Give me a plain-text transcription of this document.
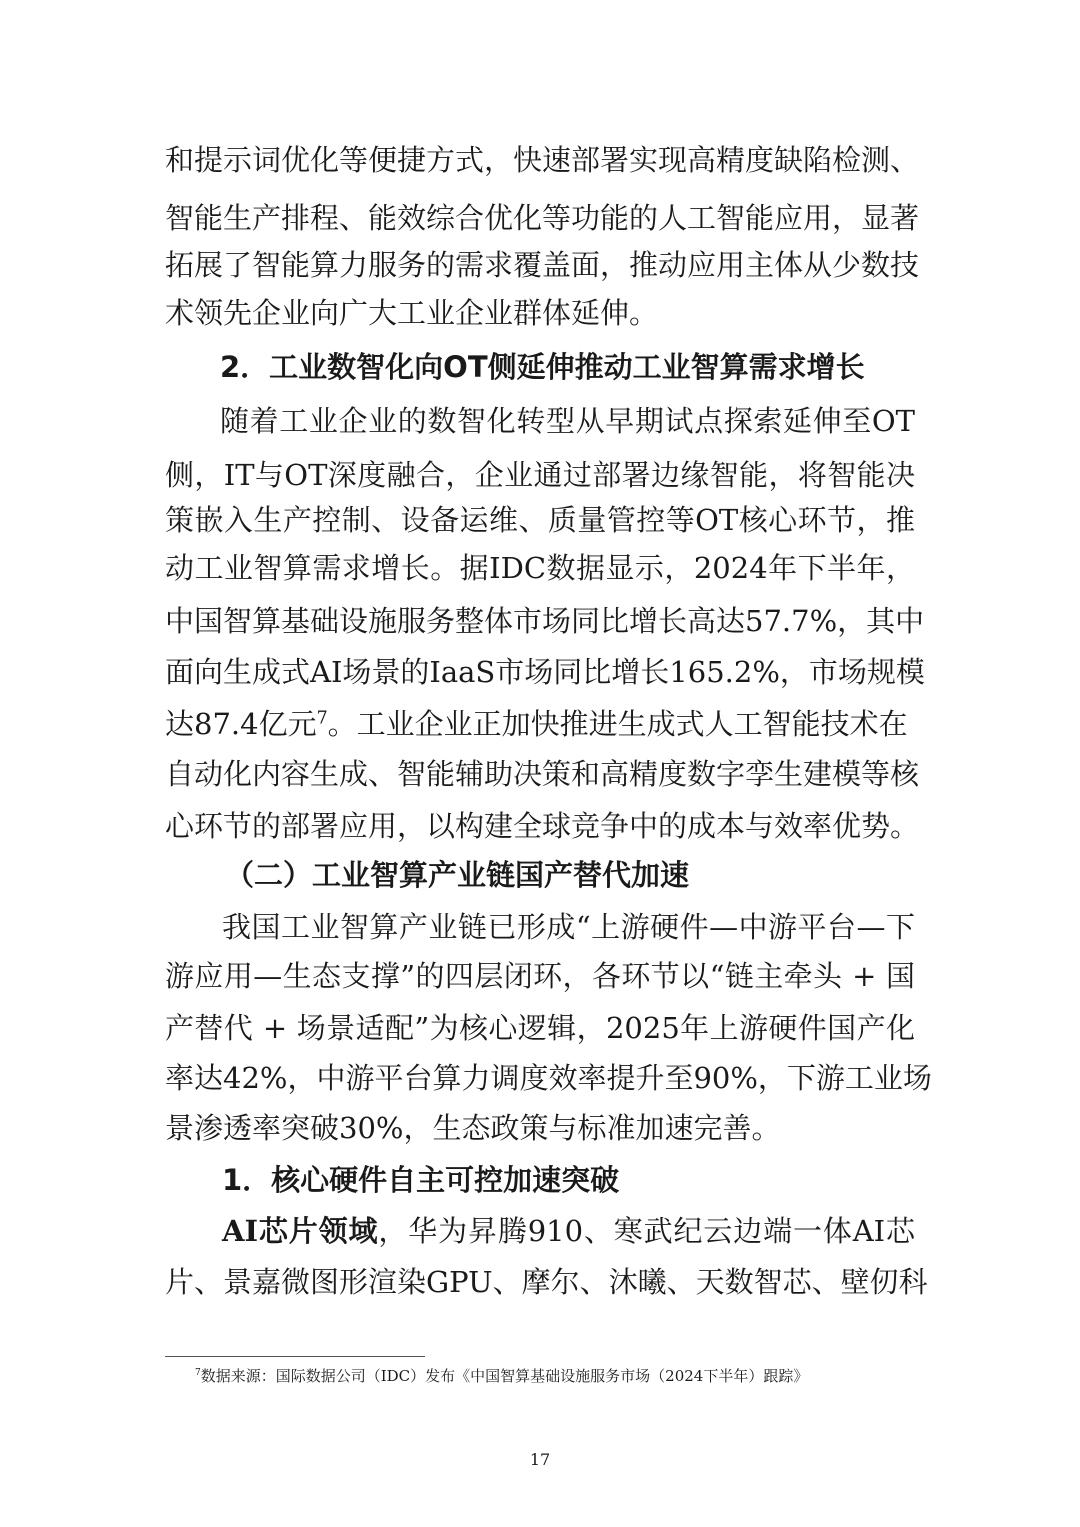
和提示词优化等便捷方式，快速部署实现高精度缺陷检测、
智能生产排程、能效综合优化等功能的人工智能应用，显著
拓展了智能算力服务的需求覆盖面，推动应用主体从少数技
术领先企业向广大工业企业群体延伸。
2．工业数智化向OT侧延伸推动工业智算需求增长
随着工业企业的数智化转型从早期试点探索延伸至OT
侧，IT与OT深度融合，企业通过部署边缘智能，将智能决
策嵌入生产控制、设备运维、质量管控等OT核心环节，推
动工业智算需求增长。据IDC数据显示，2024年下半年，
中国智算基础设施服务整体市场同比增长高达57.7%，其中
面向生成式AI场景的IaaS市场同比增长165.2%，市场规模
达87.4亿元$^7$。工业企业正加快推进生成式人工智能技术在
自动化内容生成、智能辅助决策和高精度数字孪生建模等核
心环节的部署应用，以构建全球竞争中的成本与效率优势。
（二）工业智算产业链国产替代加速
我国工业智算产业链已形成“上游硬件—中游平台—下
游应用—生态支撑”的四层闭环，各环节以“链主牵头 + 国
产替代 + 场景适配”为核心逻辑，2025年上游硬件国产化
率达42%，中游平台算力调度效率提升至90%，下游工业场
景渗透率突破30%，生态政策与标准加速完善。
1．核心硬件自主可控加速突破
AI芯片领域，华为昇腾910、寒武纪云边端一体AI芯
片、景嘉微图形渲染GPU、摩尔、沐曦、天数智芯、壁仞科
$^7$数据来源：国际数据公司（IDC）发布《中国智算基础设施服务市场（2024下半年）跟踪》
17
